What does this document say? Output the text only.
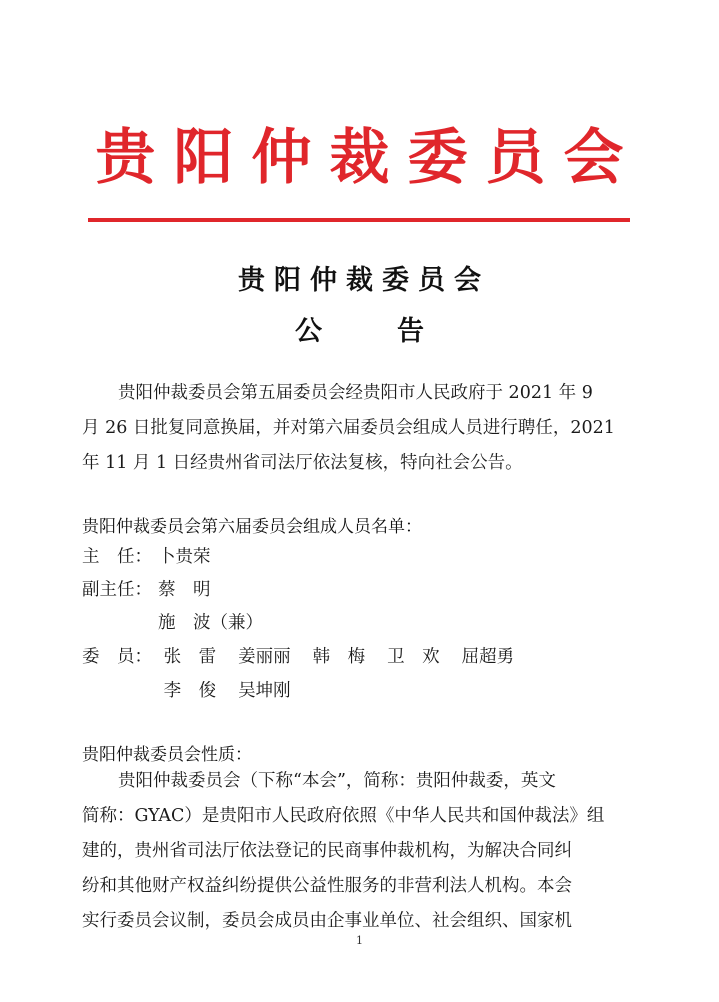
贵阳仲裁委员会
贵阳仲裁委员会
公　告
贵阳仲裁委员会第五届委员会经贵阳市人民政府于 2021 年 9
月 26 日批复同意换届，并对第六届委员会组成人员进行聘任，2021
年 11 月 1 日经贵州省司法厅依法复核，特向社会公告。
贵阳仲裁委员会第六届委员会组成人员名单：
主　任： 卜贵荣
副主任： 蔡　明
施　波（兼）
委　员： 张　雷 姜丽丽 韩　梅 卫　欢 屈超勇
李　俊 吴坤刚
贵阳仲裁委员会性质：
贵阳仲裁委员会（下称“本会”，简称：贵阳仲裁委，英文
简称：GYAC）是贵阳市人民政府依照《中华人民共和国仲裁法》组
建的，贵州省司法厅依法登记的民商事仲裁机构，为解决合同纠
纷和其他财产权益纠纷提供公益性服务的非营利法人机构。本会
实行委员会议制，委员会成员由企事业单位、社会组织、国家机
1
